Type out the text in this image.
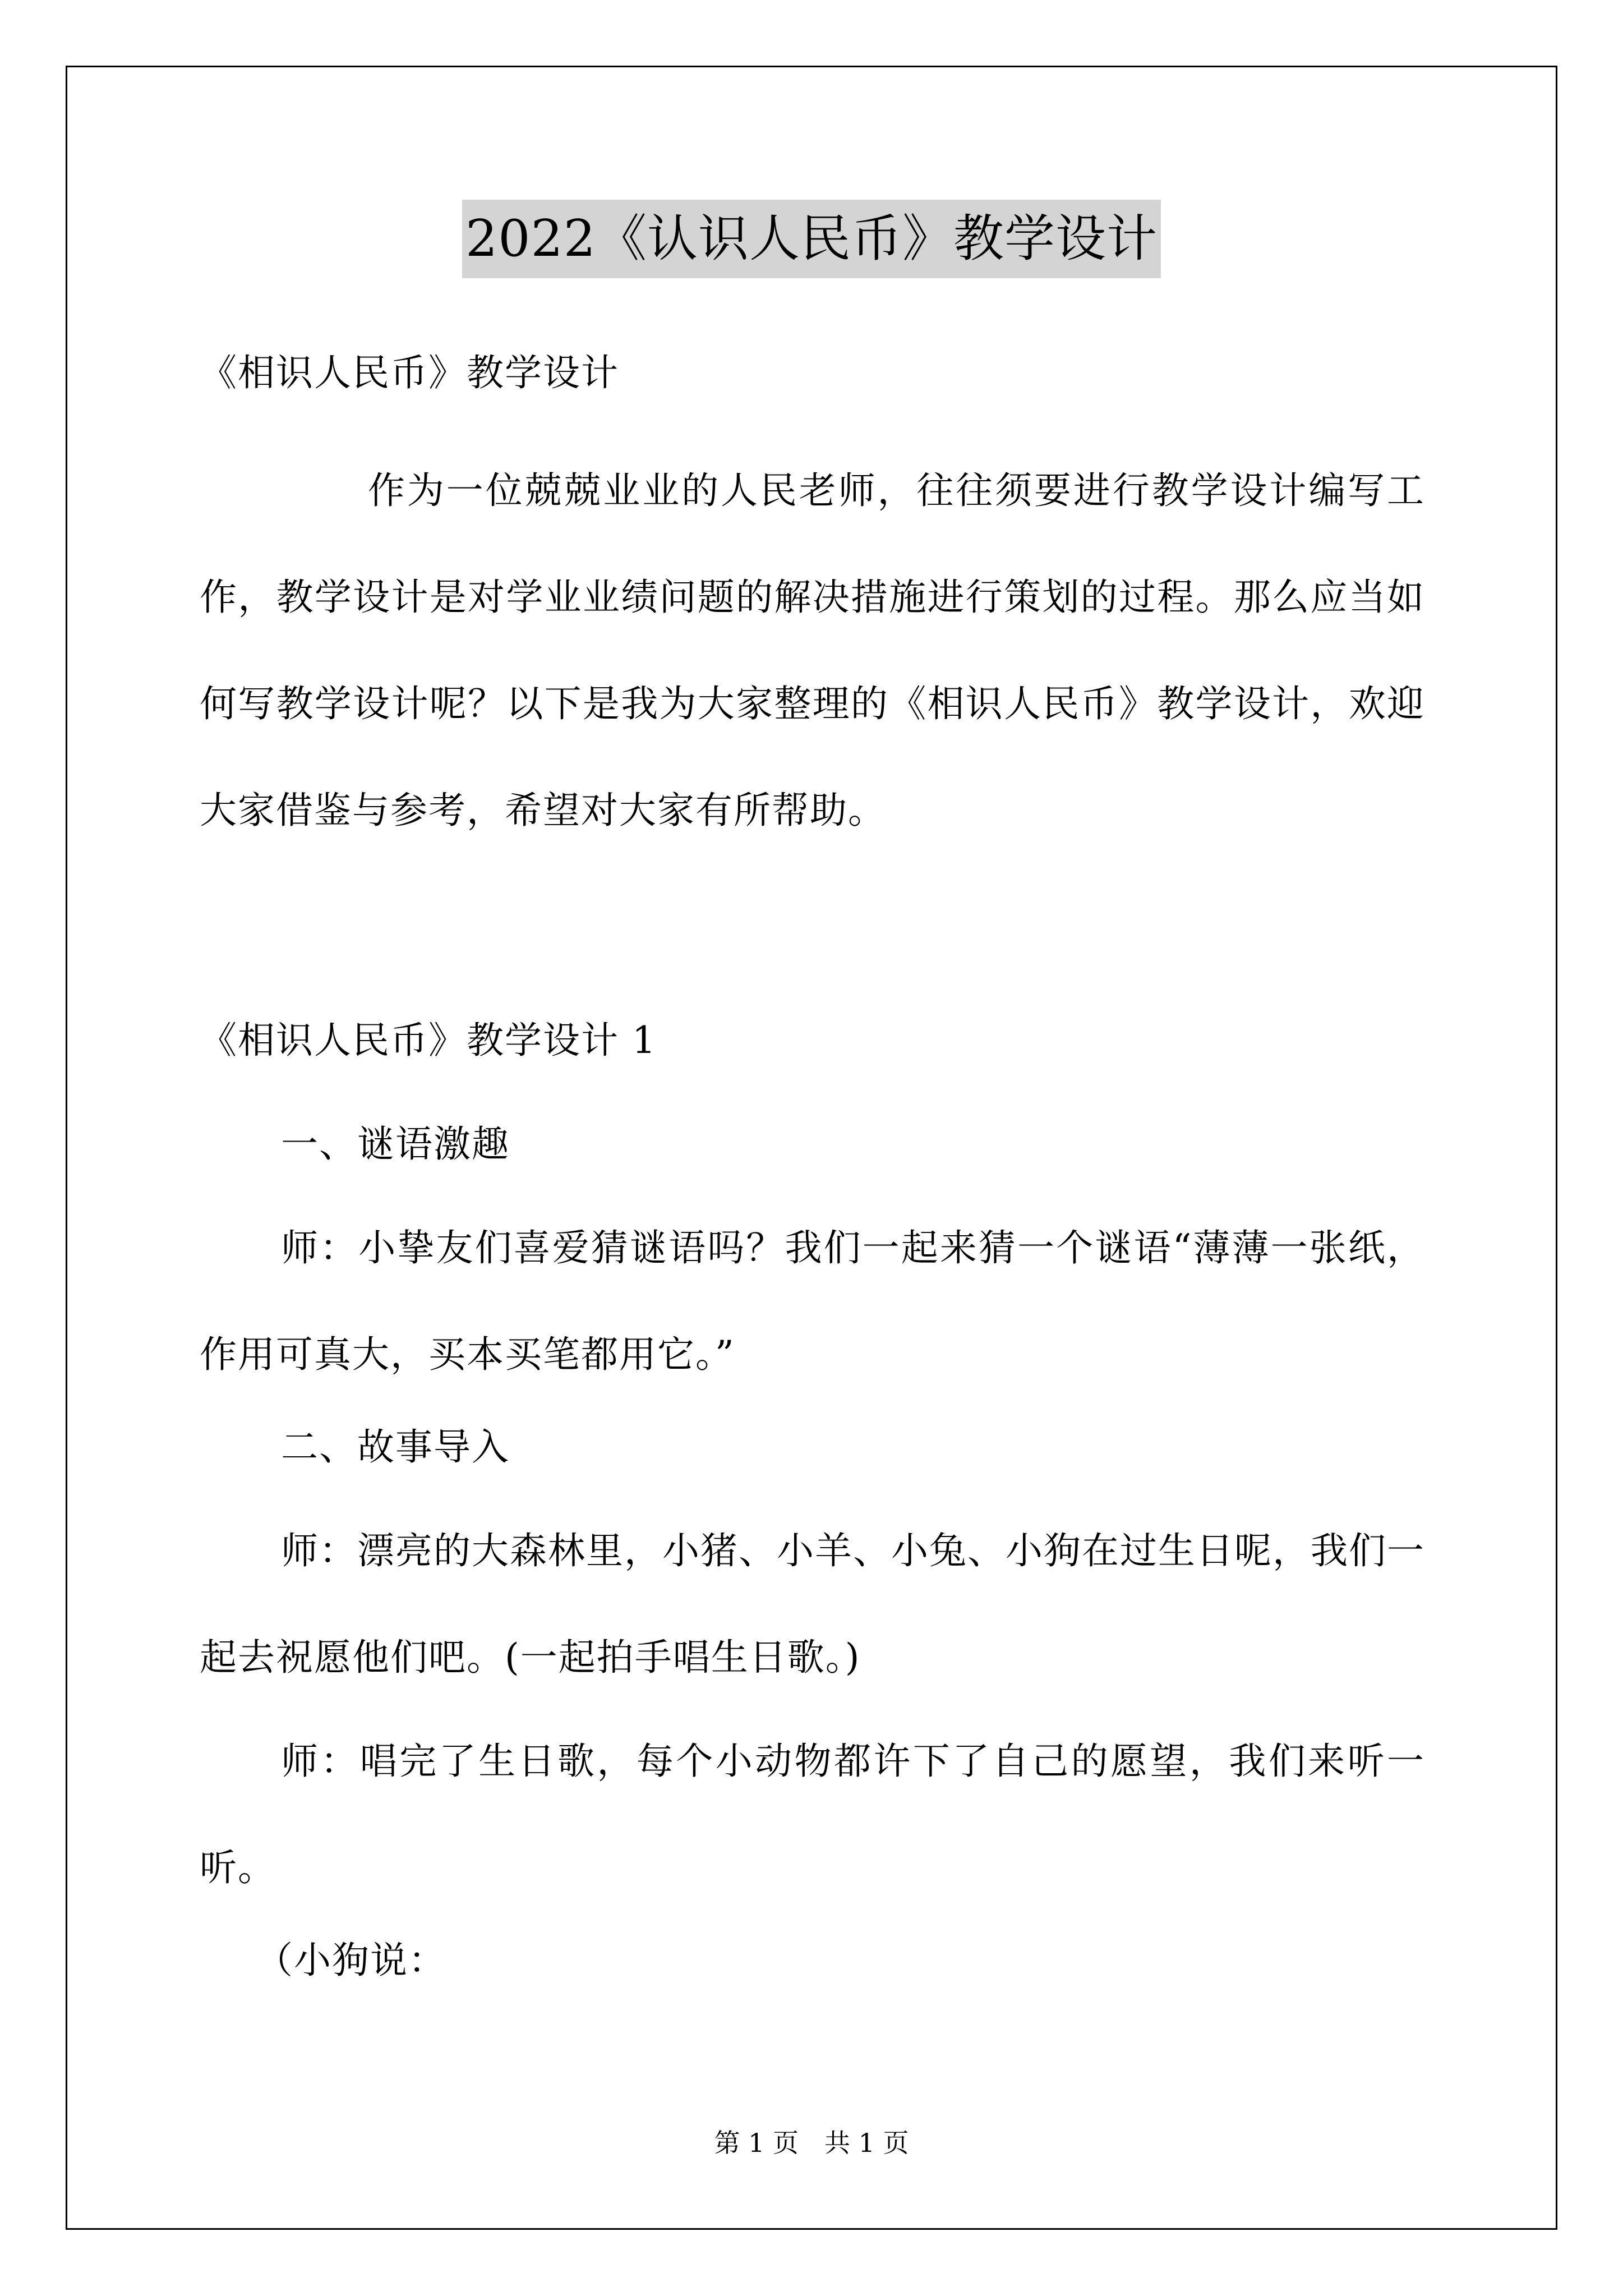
2022《认识人民币》教学设计
《相识人民币》教学设计
作为一位兢兢业业的人民老师，往往须要进行教学设计编写工作，教学设计是对学业业绩问题的解决措施进行策划的过程。那么应当如何写教学设计呢？以下是我为大家整理的《相识人民币》教学设计，欢迎大家借鉴与参考，希望对大家有所帮助。
《相识人民币》教学设计 1
一、谜语激趣
师：小挚友们喜爱猜谜语吗？我们一起来猜一个谜语“薄薄一张纸，作用可真大，买本买笔都用它。”
二、故事导入
师：漂亮的大森林里，小猪、小羊、小兔、小狗在过生日呢，我们一起去祝愿他们吧。(一起拍手唱生日歌。)
师：唱完了生日歌，每个小动物都许下了自己的愿望，我们来听一听。
（小狗说：
第 1 页　共 1 页
